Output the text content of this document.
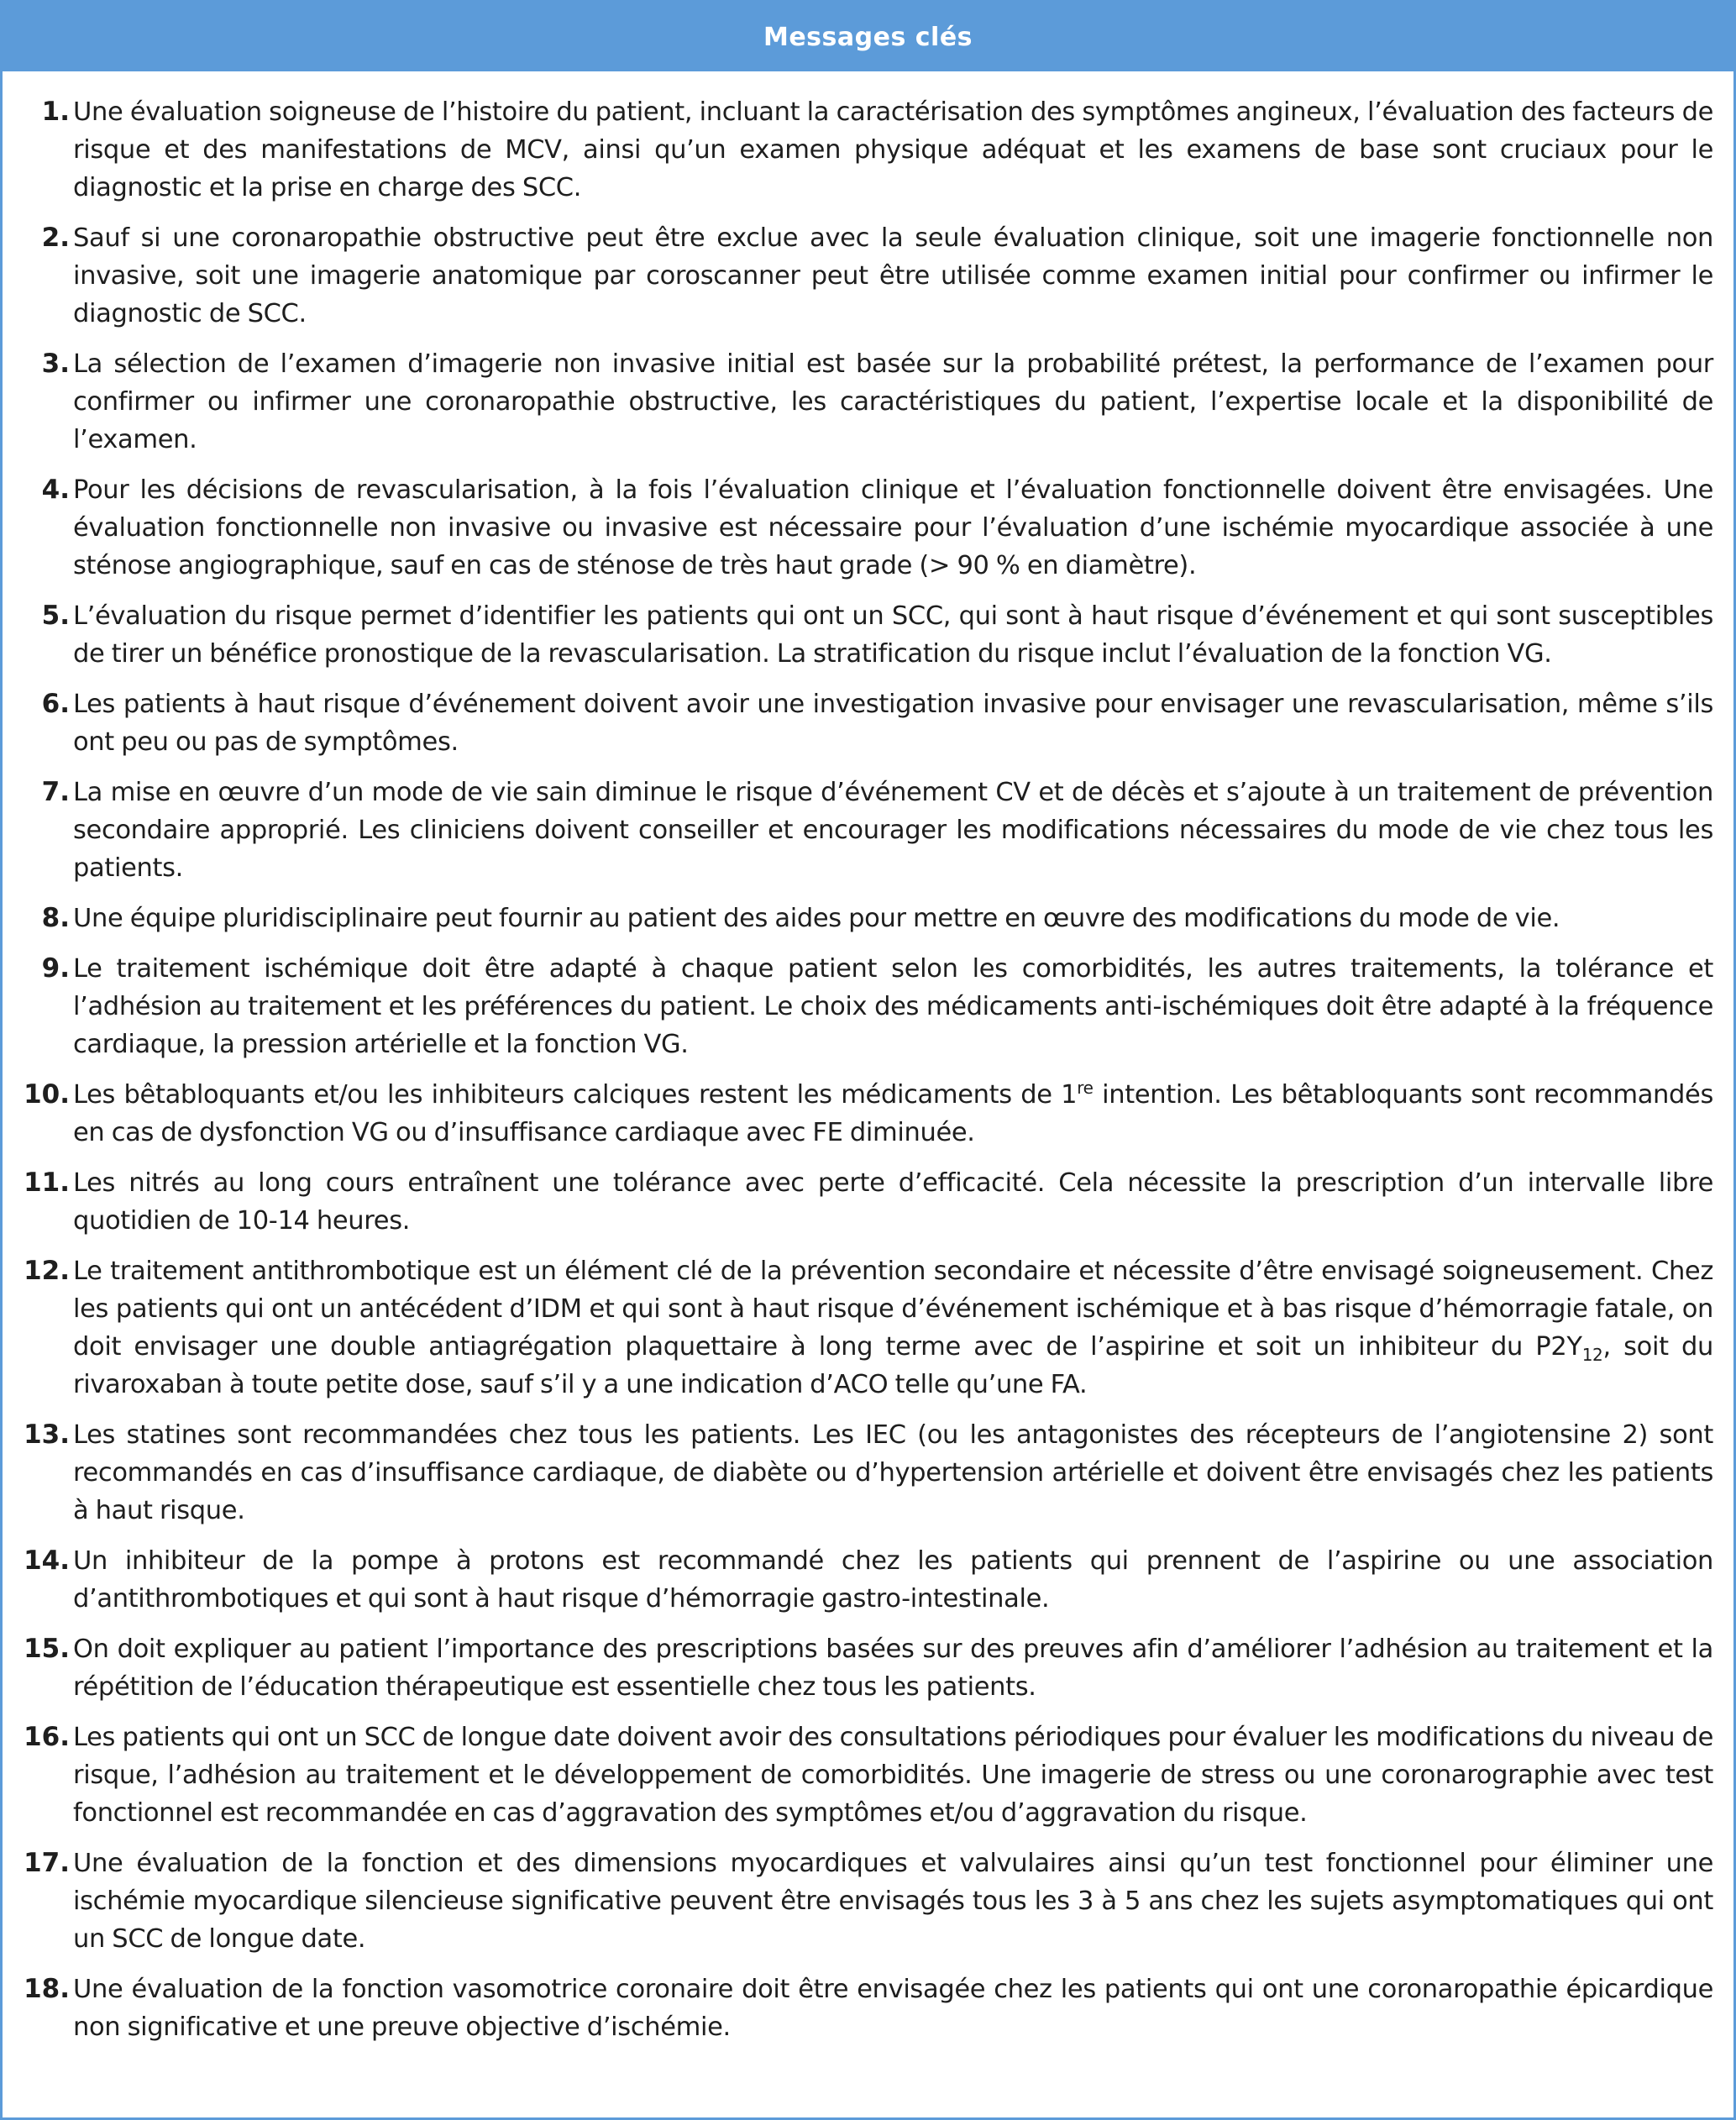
Messages clés
1. Une évaluation soigneuse de l’histoire du patient, incluant la caractérisation des symptômes angineux, l’évaluation des facteurs de risque et des manifestations de MCV, ainsi qu’un examen physique adéquat et les examens de base sont cruciaux pour le diagnostic et la prise en charge des SCC.
2. Sauf si une coronaropathie obstructive peut être exclue avec la seule évaluation clinique, soit une imagerie fonctionnelle non invasive, soit une imagerie anatomique par coroscanner peut être utilisée comme examen initial pour confirmer ou infirmer le diagnostic de SCC.
3. La sélection de l’examen d’imagerie non invasive initial est basée sur la probabilité prétest, la performance de l’examen pour confirmer ou infirmer une coronaropathie obstructive, les caractéristiques du patient, l’expertise locale et la disponibilité de l’examen.
4. Pour les décisions de revascularisation, à la fois l’évaluation clinique et l’évaluation fonctionnelle doivent être envisagées. Une évaluation fonctionnelle non invasive ou invasive est nécessaire pour l’évaluation d’une ischémie myocardique associée à une sténose angiographique, sauf en cas de sténose de très haut grade (> 90 % en diamètre).
5. L’évaluation du risque permet d’identifier les patients qui ont un SCC, qui sont à haut risque d’événement et qui sont susceptibles de tirer un bénéfice pronostique de la revascularisation. La stratification du risque inclut l’évaluation de la fonction VG.
6. Les patients à haut risque d’événement doivent avoir une investigation invasive pour envisager une revascularisation, même s’ils ont peu ou pas de symptômes.
7. La mise en œuvre d’un mode de vie sain diminue le risque d’événement CV et de décès et s’ajoute à un traitement de prévention secondaire approprié. Les cliniciens doivent conseiller et encourager les modifications nécessaires du mode de vie chez tous les patients.
8. Une équipe pluridisciplinaire peut fournir au patient des aides pour mettre en œuvre des modifications du mode de vie.
9. Le traitement ischémique doit être adapté à chaque patient selon les comorbidités, les autres traitements, la tolérance et l’adhésion au traitement et les préférences du patient. Le choix des médicaments anti-ischémiques doit être adapté à la fréquence cardiaque, la pression artérielle et la fonction VG.
10. Les bêtabloquants et/ou les inhibiteurs calciques restent les médicaments de 1re intention. Les bêtabloquants sont recommandés en cas de dysfonction VG ou d’insuffisance cardiaque avec FE diminuée.
11. Les nitrés au long cours entraînent une tolérance avec perte d’efficacité. Cela nécessite la prescription d’un intervalle libre quotidien de 10-14 heures.
12. Le traitement antithrombotique est un élément clé de la prévention secondaire et nécessite d’être envisagé soigneusement. Chez les patients qui ont un antécédent d’IDM et qui sont à haut risque d’événement ischémique et à bas risque d’hémorragie fatale, on doit envisager une double antiagrégation plaquettaire à long terme avec de l’aspirine et soit un inhibiteur du $P2Y_{12}$, soit du rivaroxaban à toute petite dose, sauf s’il y a une indication d’ACO telle qu’une FA.
13. Les statines sont recommandées chez tous les patients. Les IEC (ou les antagonistes des récepteurs de l’angiotensine 2) sont recommandés en cas d’insuffisance cardiaque, de diabète ou d’hypertension artérielle et doivent être envisagés chez les patients à haut risque.
14. Un inhibiteur de la pompe à protons est recommandé chez les patients qui prennent de l’aspirine ou une association d’antithrombotiques et qui sont à haut risque d’hémorragie gastro-intestinale.
15. On doit expliquer au patient l’importance des prescriptions basées sur des preuves afin d’améliorer l’adhésion au traitement et la répétition de l’éducation thérapeutique est essentielle chez tous les patients.
16. Les patients qui ont un SCC de longue date doivent avoir des consultations périodiques pour évaluer les modifications du niveau de risque, l’adhésion au traitement et le développement de comorbidités. Une imagerie de stress ou une coronarographie avec test fonctionnel est recommandée en cas d’aggravation des symptômes et/ou d’aggravation du risque.
17. Une évaluation de la fonction et des dimensions myocardiques et valvulaires ainsi qu’un test fonctionnel pour éliminer une ischémie myocardique silencieuse significative peuvent être envisagés tous les 3 à 5 ans chez les sujets asymptomatiques qui ont un SCC de longue date.
18. Une évaluation de la fonction vasomotrice coronaire doit être envisagée chez les patients qui ont une coronaropathie épicardique non significative et une preuve objective d’ischémie.
